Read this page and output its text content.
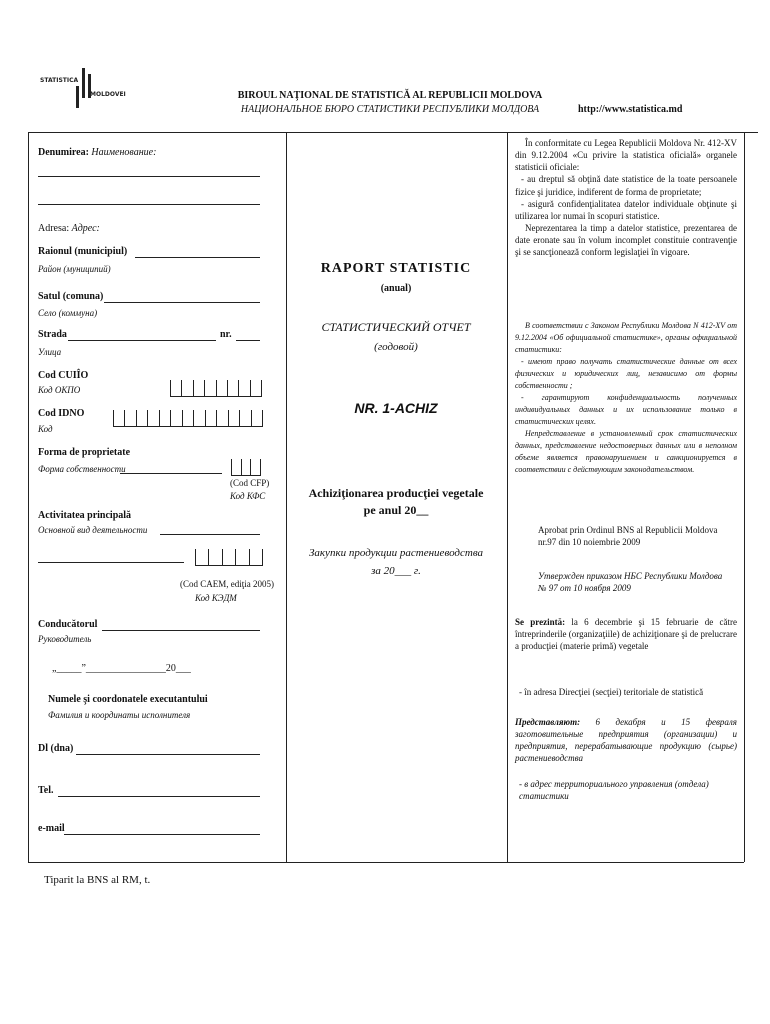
STATISTICA
MOLDOVEI	BIROUL NAŢIONAL DE STATISTICĂ AL REPUBLICII MOLDOVA
НАЦИОНАЛЬНОЕ БЮРО СТАТИСТИКИ РЕСПУБЛИКИ МОЛДОВА	http://www.statistica.md
Denumirea: Наименование:
Adresa: Адрес:
Raionul (municipiul)
Район (муниципий)
Satul (comuna)
Село (коммуна)
Strada	nr.
Улица
Cod CUIÎO
Код ОКПО
Cod IDNO
Код
Forma de proprietate
Форма собственности
(Cod CFP)
Код КФС
Activitatea principală
Основной вид деятельности
(Cod CAEM, ediţia 2005)
Код КЭДМ
Conducătorul
Руководитель
„_____”________________20___
Numele şi coordonatele executantului
Фамилия и координаты исполнителя
Dl (dna)
Tel.
e-mail
Tiparit la BNS al RM, t.
RAPORT STATISTIC
(anual)
СТАТИСТИЧЕСКИЙ ОТЧЕТ
(годовой)
NR. 1-ACHIZ
Achiziţionarea producţiei vegetale
pe anul 20__
Закупки продукции растениеводства
за 20___ г.
În conformitate cu Legea Republicii Moldova Nr. 412-XV din 9.12.2004 «Cu privire la statistica oficială» organele statisticii oficiale:
- au dreptul să obţină date statistice de la toate persoanele fizice şi juridice, indiferent de forma de proprietate;
- asigură confidenţialitatea datelor individuale obţinute şi utilizarea lor numai în scopuri statistice.
Neprezentarea la timp a datelor statistice, prezentarea de date eronate sau în volum incomplet constituie contravenţie şi se sancţionează conform legislaţiei în vigoare.
В соответствии с Законом Республики Молдова N 412-XV от 9.12.2004 «Об официальной статистике», органы официальной статистики:
- имеют право получать статистические данные от всех физических и юридических лиц, независимо от формы собственности ;
- гарантируют конфиденциальность полученных индивидуальных данных и их использование только в статистических целях.
Непредставление в установленный срок статистических данных, представление недостоверных данных или в неполном объеме является правонарушением и санкционируется в соответствии с действующим законодательством.
Aprobat prin Ordinul BNS al Republicii Moldova
nr.97 din 10 noiembrie 2009
Утвержден приказом НБС Республики Молдова
№ 97 от 10 ноября 2009
Se prezintă: la 6 decembrie şi 15 februarie de către întreprinderile (organizaţiile) de achiziţionare şi de prelucrare a producţiei (materie primă) vegetale
- în adresa Direcţiei (secţiei) teritoriale de statistică
Представляют: 6 декабря и 15 февраля заготовительные предприятия (организации) и предприятия, перерабатывающие продукцию (сырье) растениеводства
- в адрес территориального управления (отдела) статистики
